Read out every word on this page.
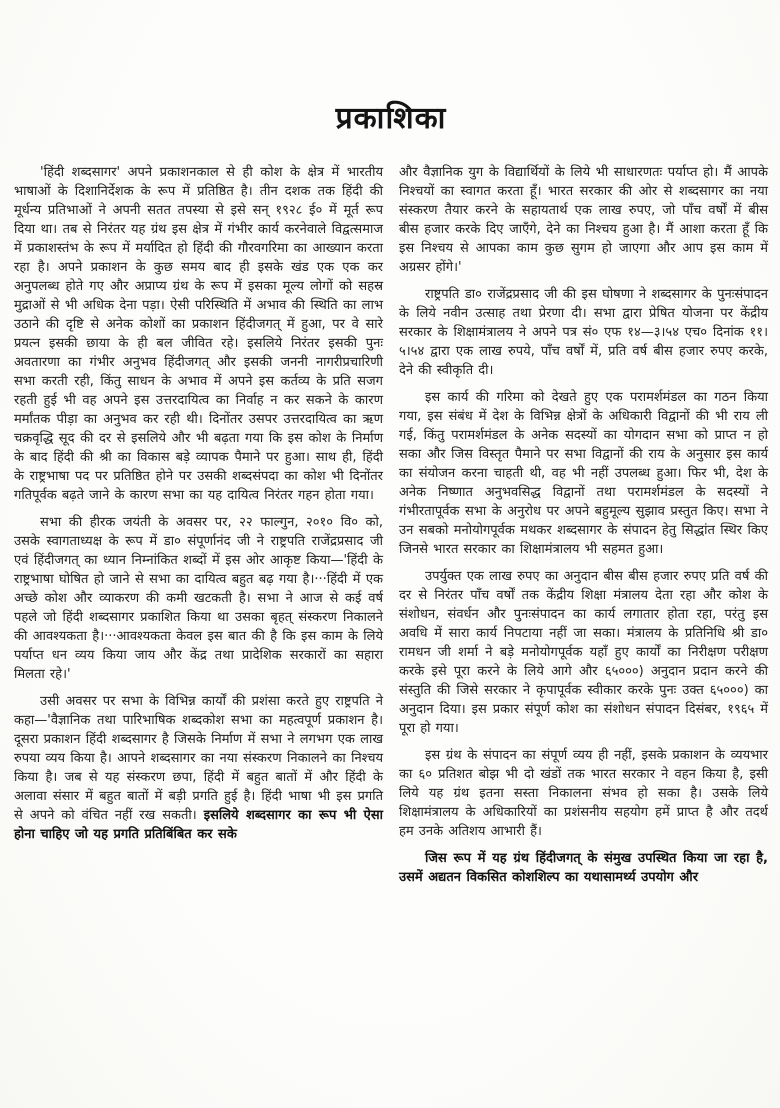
प्रकाशिका

'हिंदी शब्दसागर' अपने प्रकाशनकाल से ही कोश के क्षेत्र में भारतीय भाषाओं के दिशानिर्देशक के रूप में प्रतिष्ठित है। तीन दशक तक हिंदी की मूर्धन्य प्रतिभाओं ने अपनी सतत तपस्या से इसे सन् १९२८ ई० में मूर्त रूप दिया था। तब से निरंतर यह ग्रंथ इस क्षेत्र में गंभीर कार्य करनेवाले विद्वत्समाज में प्रकाशस्तंभ के रूप में मर्यादित हो हिंदी की गौरवगरिमा का आख्यान करता रहा है। अपने प्रकाशन के कुछ समय बाद ही इसके खंड एक एक कर अनुपलब्ध होते गए और अप्राप्य ग्रंथ के रूप में इसका मूल्य लोगों को सहस्र मुद्राओं से भी अधिक देना पड़ा। ऐसी परिस्थिति में अभाव की स्थिति का लाभ उठाने की दृष्टि से अनेक कोशों का प्रकाशन हिंदीजगत् में हुआ, पर वे सारे प्रयत्न इसकी छाया के ही बल जीवित रहे। इसलिये निरंतर इसकी पुनः अवतारणा का गंभीर अनुभव हिंदीजगत् और इसकी जननी नागरीप्रचारिणी सभा करती रही, किंतु साधन के अभाव में अपने इस कर्तव्य के प्रति सजग रहती हुई भी वह अपने इस उत्तरदायित्व का निर्वाह न कर सकने के कारण मर्मांतक पीड़ा का अनुभव कर रही थी। दिनोंतर उसपर उत्तरदायित्व का ऋण चक्रवृद्धि सूद की दर से इसलिये और भी बढ़ता गया कि इस कोश के निर्माण के बाद हिंदी की श्री का विकास बड़े व्यापक पैमाने पर हुआ। साथ ही, हिंदी के राष्ट्रभाषा पद पर प्रतिष्ठित होने पर उसकी शब्दसंपदा का कोश भी दिनोंतर गतिपूर्वक बढ़ते जाने के कारण सभा का यह दायित्व निरंतर गहन होता गया।

सभा की हीरक जयंती के अवसर पर, २२ फाल्गुन, २०१० वि० को, उसके स्वागताध्यक्ष के रूप में डा० संपूर्णानंद जी ने राष्ट्रपति राजेंद्रप्रसाद जी एवं हिंदीजगत् का ध्यान निम्नांकित शब्दों में इस ओर आकृष्ट किया—'हिंदी के राष्ट्रभाषा घोषित हो जाने से सभा का दायित्व बहुत बढ़ गया है।···हिंदी में एक अच्छे कोश और व्याकरण की कमी खटकती है। सभा ने आज से कई वर्ष पहले जो हिंदी शब्दसागर प्रकाशित किया था उसका बृहत् संस्करण निकालने की आवश्यकता है।···आवश्यकता केवल इस बात की है कि इस काम के लिये पर्याप्त धन व्यय किया जाय और केंद्र तथा प्रादेशिक सरकारों का सहारा मिलता रहे।'

उसी अवसर पर सभा के विभिन्न कार्यों की प्रशंसा करते हुए राष्ट्रपति ने कहा—'वैज्ञानिक तथा पारिभाषिक शब्दकोश सभा का महत्वपूर्ण प्रकाशन है। दूसरा प्रकाशन हिंदी शब्दसागर है जिसके निर्माण में सभा ने लगभग एक लाख रुपया व्यय किया है। आपने शब्दसागर का नया संस्करण निकालने का निश्चय किया है। जब से यह संस्करण छपा, हिंदी में बहुत बातों में और हिंदी के अलावा संसार में बहुत बातों में बड़ी प्रगति हुई है। हिंदी भाषा भी इस प्रगति से अपने को वंचित नहीं रख सकती। इसलिये शब्दसागर का रूप भी ऐसा होना चाहिए जो यह प्रगति प्रतिबिंबित कर सके

और वैज्ञानिक युग के विद्यार्थियों के लिये भी साधारणतः पर्याप्त हो। मैं आपके निश्चयों का स्वागत करता हूँ। भारत सरकार की ओर से शब्दसागर का नया संस्करण तैयार करने के सहायतार्थ एक लाख रुपए, जो पाँच वर्षों में बीस बीस हजार करके दिए जाएँगे, देने का निश्चय हुआ है। मैं आशा करता हूँ कि इस निश्चय से आपका काम कुछ सुगम हो जाएगा और आप इस काम में अग्रसर होंगे।'

राष्ट्रपति डा० राजेंद्रप्रसाद जी की इस घोषणा ने शब्दसागर के पुनःसंपादन के लिये नवीन उत्साह तथा प्रेरणा दी। सभा द्वारा प्रेषित योजना पर केंद्रीय सरकार के शिक्षामंत्रालय ने अपने पत्र सं० एफ १४—३।५४ एच० दिनांक ११।५।५४ द्वारा एक लाख रुपये, पाँच वर्षों में, प्रति वर्ष बीस हजार रुपए करके, देने की स्वीकृति दी।

इस कार्य की गरिमा को देखते हुए एक परामर्शमंडल का गठन किया गया, इस संबंध में देश के विभिन्न क्षेत्रों के अधिकारी विद्वानों की भी राय ली गई, किंतु परामर्शमंडल के अनेक सदस्यों का योगदान सभा को प्राप्त न हो सका और जिस विस्तृत पैमाने पर सभा विद्वानों की राय के अनुसार इस कार्य का संयोजन करना चाहती थी, वह भी नहीं उपलब्ध हुआ। फिर भी, देश के अनेक निष्णात अनुभवसिद्ध विद्वानों तथा परामर्शमंडल के सदस्यों ने गंभीरतापूर्वक सभा के अनुरोध पर अपने बहुमूल्य सुझाव प्रस्तुत किए। सभा ने उन सबको मनोयोगपूर्वक मथकर शब्दसागर के संपादन हेतु सिद्धांत स्थिर किए जिनसे भारत सरकार का शिक्षामंत्रालय भी सहमत हुआ।

उपर्युक्त एक लाख रुपए का अनुदान बीस बीस हजार रुपए प्रति वर्ष की दर से निरंतर पाँच वर्षों तक केंद्रीय शिक्षा मंत्रालय देता रहा और कोश के संशोधन, संवर्धन और पुनःसंपादन का कार्य लगातार होता रहा, परंतु इस अवधि में सारा कार्य निपटाया नहीं जा सका। मंत्रालय के प्रतिनिधि श्री डा० रामधन जी शर्मा ने बड़े मनोयोगपूर्वक यहाँ हुए कार्यों का निरीक्षण परीक्षण करके इसे पूरा करने के लिये आगे और ६५०००) अनुदान प्रदान करने की संस्तुति की जिसे सरकार ने कृपापूर्वक स्वीकार करके पुनः उक्त ६५०००) का अनुदान दिया। इस प्रकार संपूर्ण कोश का संशोधन संपादन दिसंबर, १९६५ में पूरा हो गया।

इस ग्रंथ के संपादन का संपूर्ण व्यय ही नहीं, इसके प्रकाशन के व्ययभार का ६० प्रतिशत बोझ भी दो खंडों तक भारत सरकार ने वहन किया है, इसी लिये यह ग्रंथ इतना सस्ता निकालना संभव हो सका है। उसके लिये शिक्षामंत्रालय के अधिकारियों का प्रशंसनीय सहयोग हमें प्राप्त है और तदर्थ हम उनके अतिशय आभारी हैं।

जिस रूप में यह ग्रंथ हिंदीजगत् के संमुख उपस्थित किया जा रहा है, उसमें अद्यतन विकसित कोशशिल्प का यथासामर्थ्य उपयोग और
